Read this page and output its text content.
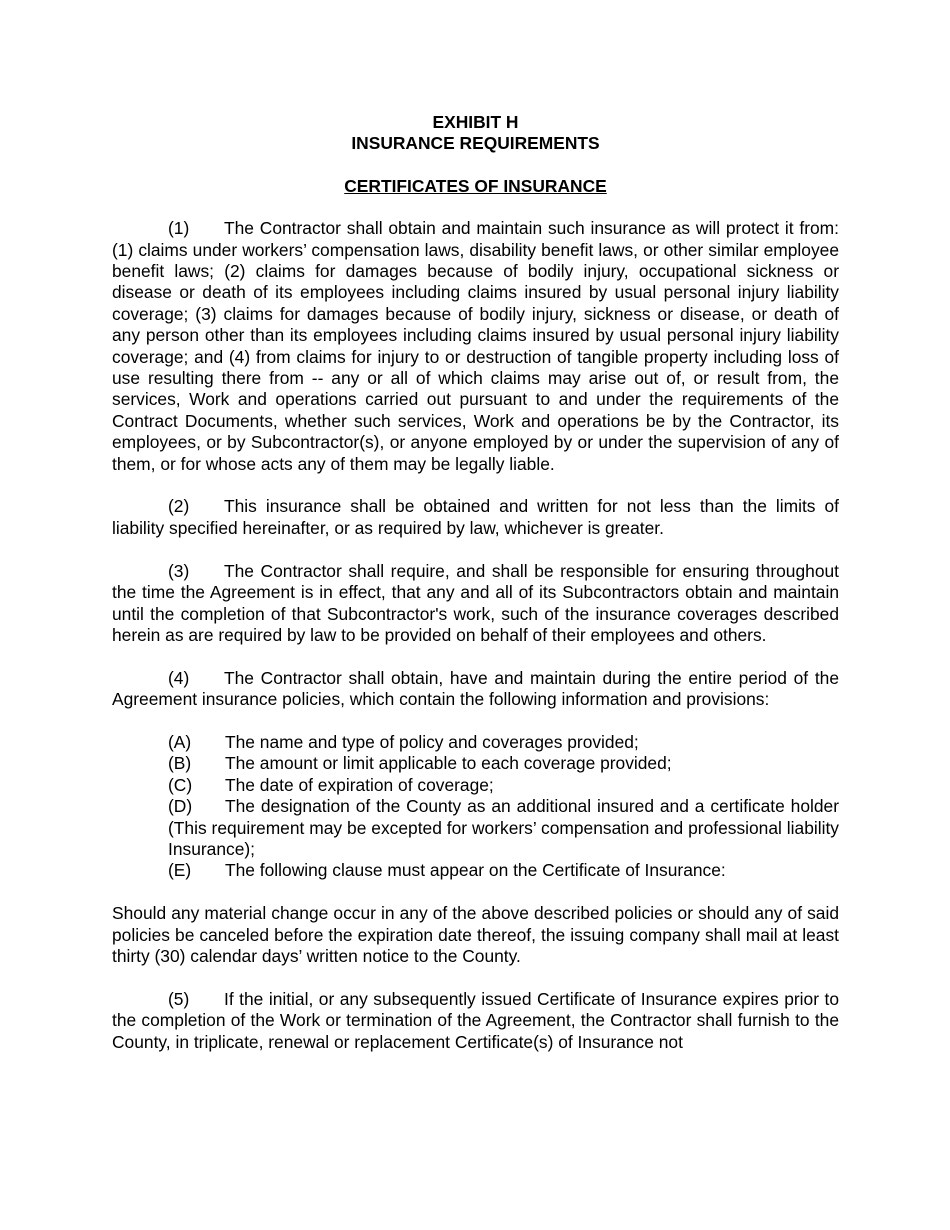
EXHIBIT H
INSURANCE REQUIREMENTS
CERTIFICATES OF INSURANCE

(1) The Contractor shall obtain and maintain such insurance as will protect it from: (1) claims under workers’ compensation laws, disability benefit laws, or other similar employee benefit laws; (2) claims for damages because of bodily injury, occupational sickness or disease or death of its employees including claims insured by usual personal injury liability coverage; (3) claims for damages because of bodily injury, sickness or disease, or death of any person other than its employees including claims insured by usual personal injury liability coverage; and (4) from claims for injury to or destruction of tangible property including loss of use resulting there from -- any or all of which claims may arise out of, or result from, the services, Work and operations carried out pursuant to and under the requirements of the Contract Documents, whether such services, Work and operations be by the Contractor, its employees, or by Subcontractor(s), or anyone employed by or under the supervision of any of them, or for whose acts any of them may be legally liable.

(2) This insurance shall be obtained and written for not less than the limits of liability specified hereinafter, or as required by law, whichever is greater.

(3) The Contractor shall require, and shall be responsible for ensuring throughout the time the Agreement is in effect, that any and all of its Subcontractors obtain and maintain until the completion of that Subcontractor's work, such of the insurance coverages described herein as are required by law to be provided on behalf of their employees and others.

(4) The Contractor shall obtain, have and maintain during the entire period of the Agreement insurance policies, which contain the following information and provisions:

(A)	The name and type of policy and coverages provided;
(B)	The amount or limit applicable to each coverage provided;
(C)	The date of expiration of coverage;
(D) The designation of the County as an additional insured and a certificate holder (This requirement may be excepted for workers’ compensation and professional liability Insurance);
(E)	The following clause must appear on the Certificate of Insurance:

Should any material change occur in any of the above described policies or should any of said policies be canceled before the expiration date thereof, the issuing company shall mail at least thirty (30) calendar days’ written notice to the County.

(5) If the initial, or any subsequently issued Certificate of Insurance expires prior to the completion of the Work or termination of the Agreement, the Contractor shall furnish to the County, in triplicate, renewal or replacement Certificate(s) of Insurance not
